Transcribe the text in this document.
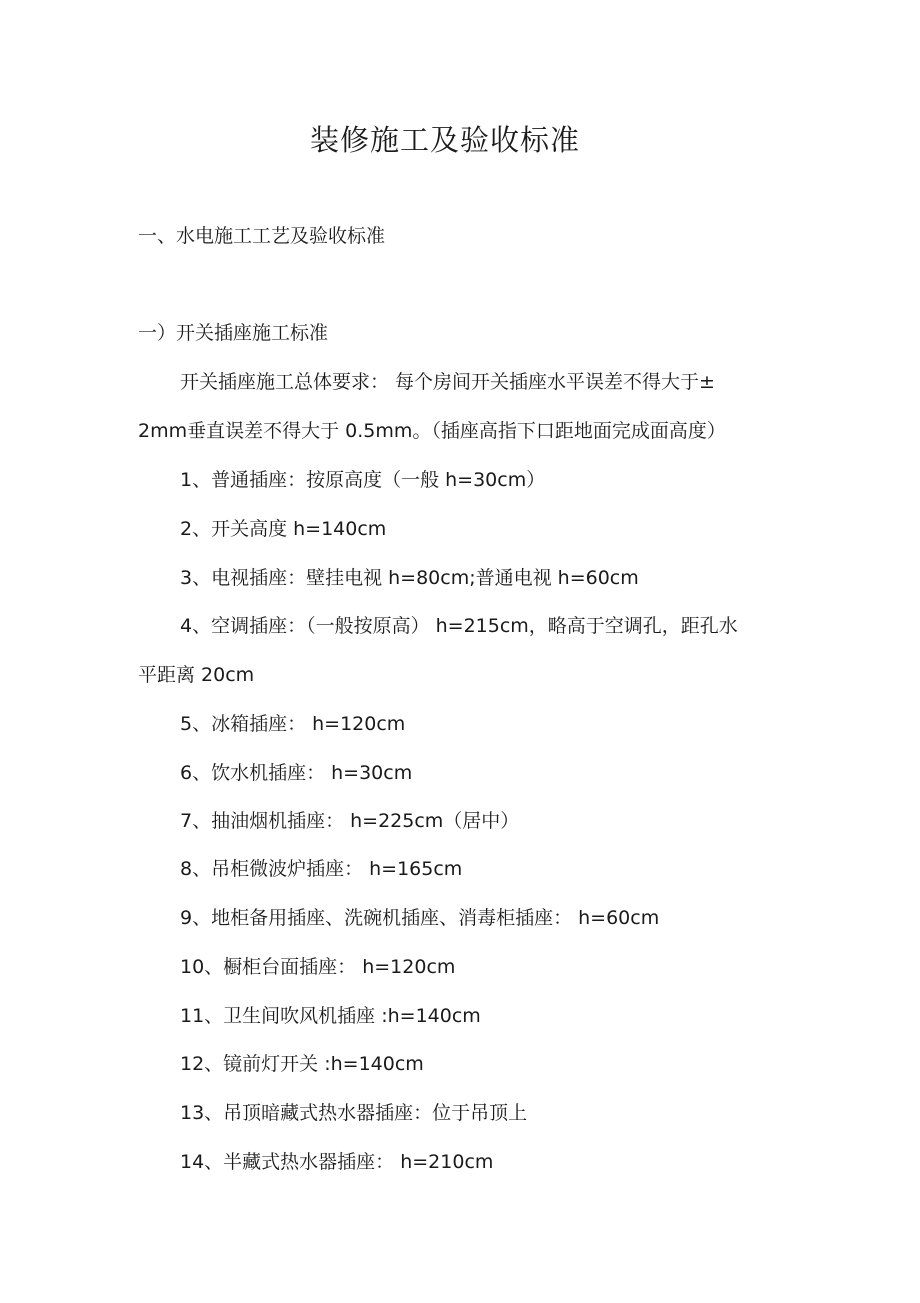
装修施工及验收标准
一、水电施工工艺及验收标准
一）开关插座施工标准
开关插座施工总体要求： 每个房间开关插座水平误差不得大于±
2mm垂直误差不得大于 0.5mm。（插座高指下口距地面完成面高度）
1、普通插座：按原高度（一般 h=30cm）
2、开关高度 h=140cm
3、电视插座：壁挂电视 h=80cm;普通电视 h=60cm
4、空调插座：（一般按原高） h=215cm，略高于空调孔，距孔水
平距离 20cm
5、冰箱插座： h=120cm
6、饮水机插座： h=30cm
7、抽油烟机插座： h=225cm（居中）
8、吊柜微波炉插座： h=165cm
9、地柜备用插座、洗碗机插座、消毒柜插座： h=60cm
10、橱柜台面插座： h=120cm
11、卫生间吹风机插座 :h=140cm
12、镜前灯开关 :h=140cm
13、吊顶暗藏式热水器插座：位于吊顶上
14、半藏式热水器插座： h=210cm
